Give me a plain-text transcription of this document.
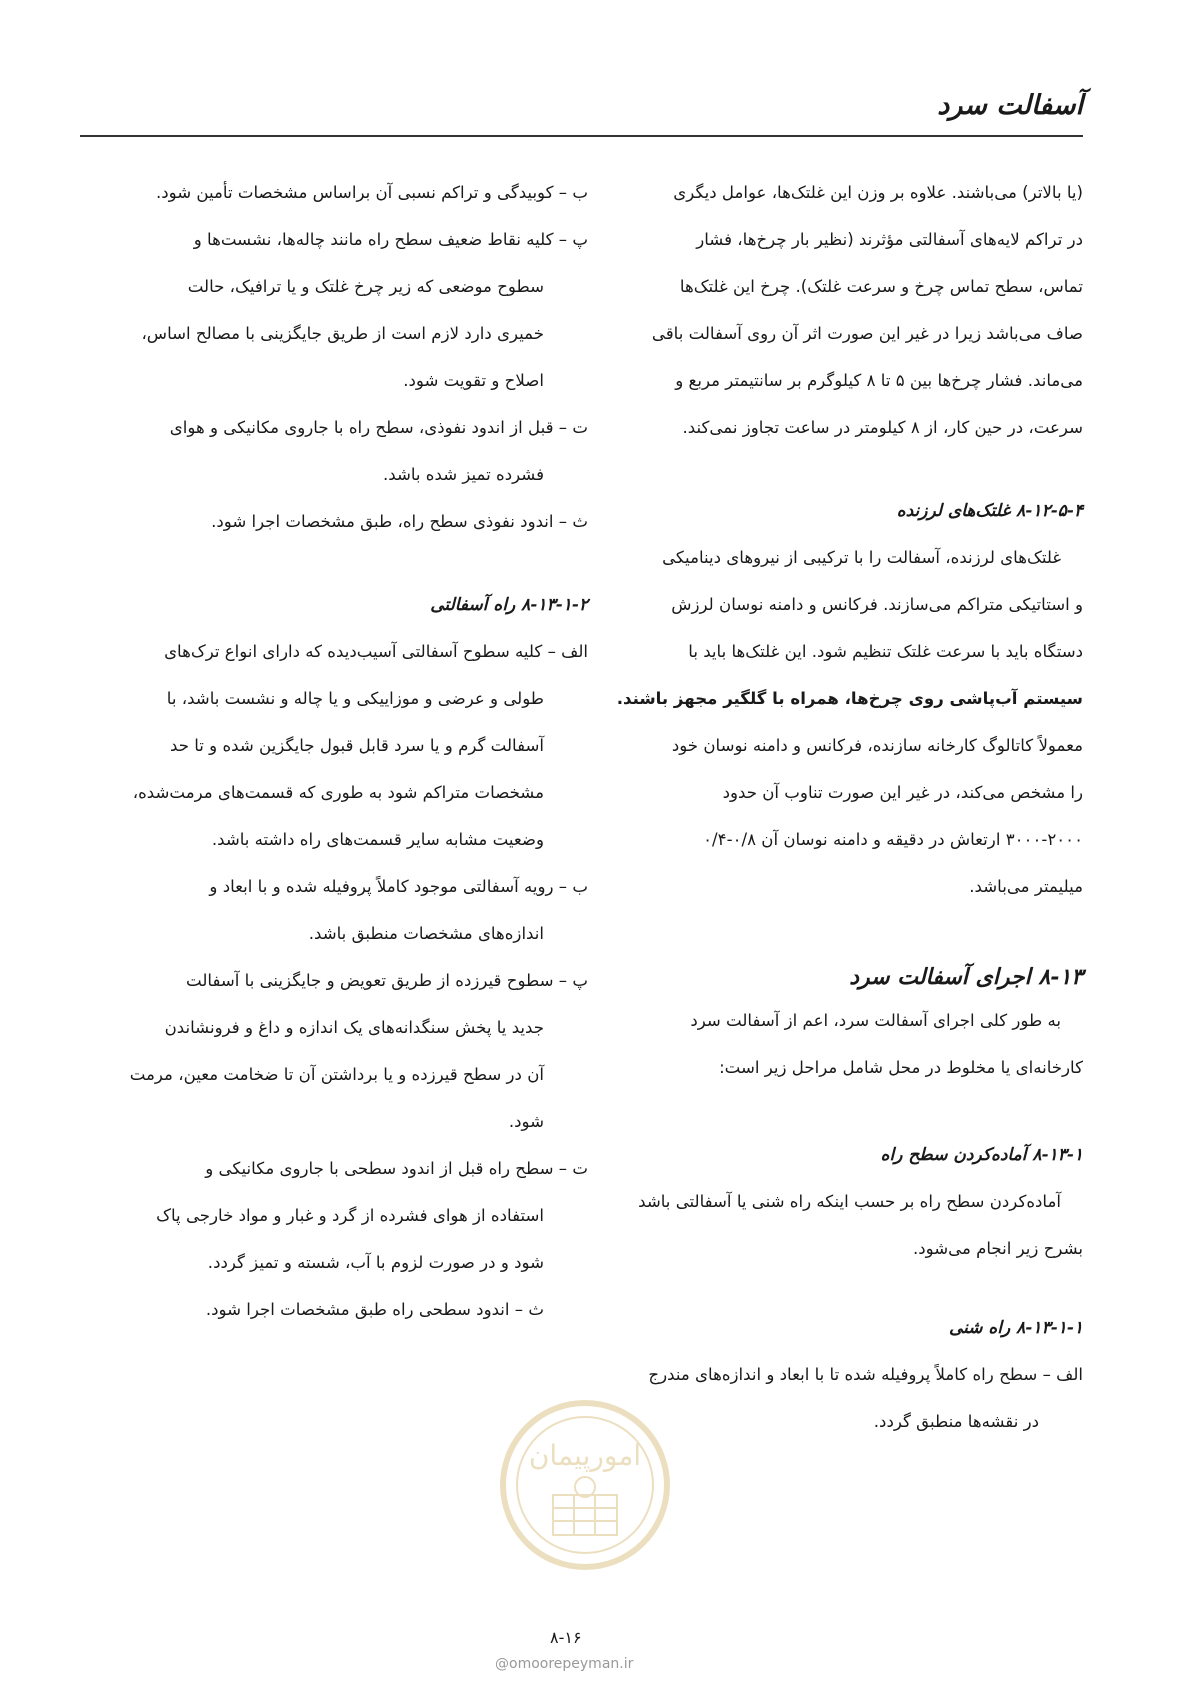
آسفالت سرد
(یا بالاتر) می‌باشند. علاوه بر وزن این غلتک‌ها، عوامل دیگری
در تراکم لایه‌های آسفالتی مؤثرند (نظیر بار چرخ‌ها، فشار
تماس، سطح تماس چرخ و سرعت غلتک). چرخ این غلتک‌ها
صاف می‌باشد زیرا در غیر این صورت اثر آن روی آسفالت باقی
می‌ماند. فشار چرخ‌ها بین ۵ تا ۸ کیلوگرم بر سانتیمتر مربع و
سرعت، در حین کار، از ۸ کیلومتر در ساعت تجاوز نمی‌کند.
۸-۱۲-۵-۴ غلتک‌های لرزنده
غلتک‌های لرزنده، آسفالت را با ترکیبی از نیروهای دینامیکی
و استاتیکی متراکم می‌سازند. فرکانس و دامنه نوسان لرزش
دستگاه باید با سرعت غلتک تنظیم شود. این غلتک‌ها باید با
سیستم آب‌پاشی روی چرخ‌ها، همراه با گلگیر مجهز باشند.
معمولاً کاتالوگ کارخانه سازنده، فرکانس و دامنه نوسان خود
را مشخص می‌کند، در غیر این صورت تناوب آن حدود
۳۰۰۰-۲۰۰۰ ارتعاش در دقیقه و دامنه نوسان آن ۰/۸-۰/۴
میلیمتر می‌باشد.
۸-۱۳ اجرای آسفالت سرد
به طور کلی اجرای آسفالت سرد، اعم از آسفالت سرد
کارخانه‌ای یا مخلوط در محل شامل مراحل زیر است:
۸-۱۳-۱ آماده‌کردن سطح راه
آماده‌کردن سطح راه بر حسب اینکه راه شنی یا آسفالتی باشد
بشرح زیر انجام می‌شود.
۸-۱۳-۱-۱ راه شنی
الف – سطح راه کاملاً پروفیله شده تا با ابعاد و اندازه‌های مندرج
در نقشه‌ها منطبق گردد.
ب – کوبیدگی و تراکم نسبی آن براساس مشخصات تأمین شود.
پ – کلیه نقاط ضعیف سطح راه مانند چاله‌ها، نشست‌ها و
سطوح موضعی که زیر چرخ غلتک و یا ترافیک، حالت
خمیری دارد لازم است از طریق جایگزینی با مصالح اساس،
اصلاح و تقویت شود.
ت – قبل از اندود نفوذی، سطح راه با جاروی مکانیکی و هوای
فشرده تمیز شده باشد.
ث – اندود نفوذی سطح راه، طبق مشخصات اجرا شود.
۸-۱۳-۱-۲ راه آسفالتی
الف – کلیه سطوح آسفالتی آسیب‌دیده که دارای انواع ترک‌های
طولی و عرضی و موزاییکی و یا چاله و نشست باشد، با
آسفالت گرم و یا سرد قابل قبول جایگزین شده و تا حد
مشخصات متراکم شود به طوری که قسمت‌های مرمت‌شده،
وضعیت مشابه سایر قسمت‌های راه داشته باشد.
ب – رویه آسفالتی موجود کاملاً پروفیله شده و با ابعاد و
اندازه‌های مشخصات منطبق باشد.
پ – سطوح قیرزده از طریق تعویض و جایگزینی با آسفالت
جدید یا پخش سنگدانه‌های یک اندازه و داغ و فرونشاندن
آن در سطح قیرزده و یا برداشتن آن تا ضخامت معین، مرمت
شود.
ت – سطح راه قبل از اندود سطحی با جاروی مکانیکی و
استفاده از هوای فشرده از گرد و غبار و مواد خارجی پاک
شود و در صورت لزوم با آب، شسته و تمیز گردد.
ث – اندود سطحی راه طبق مشخصات اجرا شود.
امورپیمان
۸-۱۶
@omoorepeyman.ir
